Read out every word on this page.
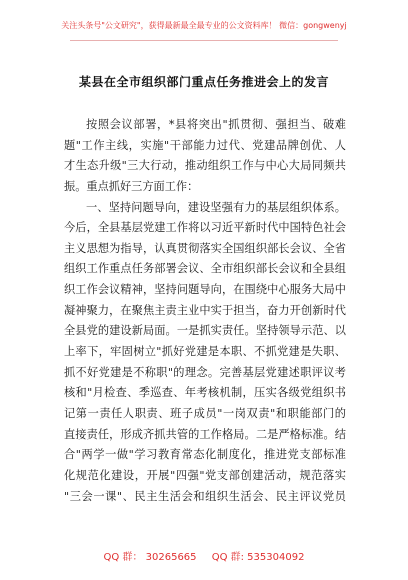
关注头条号"公文研究"，获得最新最全最专业的公文资料库！ 微信：gongwenyj
某县在全市组织部门重点任务推进会上的发言
按照会议部署，*县将突出"抓贯彻、强担当、破难
题"工作主线，实施"干部能力过代、党建品牌创优、人
才生态升级"三大行动，推动组织工作与中心大局同频共
振。重点抓好三方面工作：
一、坚持问题导向，建设坚强有力的基层组织体系。
今后，全县基层党建工作将以习近平新时代中国特色社会
主义思想为指导，认真贯彻落实全国组织部长会议、全省
组织工作重点任务部署会议、全市组织部长会议和全县组
织工作会议精神，坚持问题导向，在围绕中心服务大局中
凝神聚力，在聚焦主责主业中实于担当，奋力开创新时代
全县党的建设新局面。一是抓实责任。坚持领导示范、以
上率下，牢固树立"抓好党建是本职、不抓党建是失职、
抓不好党建是不称职"的理念。完善基层党建述职评议考
核和"月检查、季巡查、年考核机制，压实各级党组织书
记第一责任人职责、班子成员"一岗双责"和职能部门的
直接责任，形成齐抓共管的工作格局。二是严格标准。结
合"两学一做"学习教育常态化制度化，推进党支部标准
化规范化建设，开展"四强"党支部创建活动，规范落实
"三会一课"、民主生活会和组织生活会、民主评议党员
QQ 群： 30265665 QQ 群: 535304092
